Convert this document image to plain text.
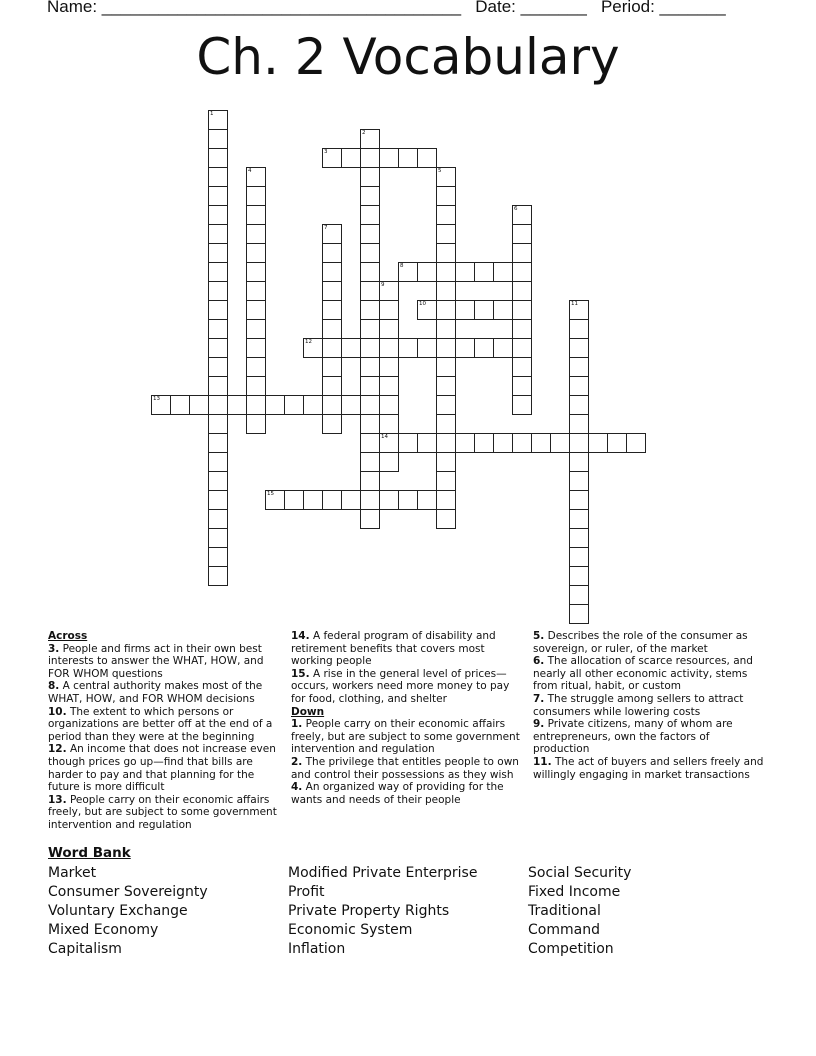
Name: ______________________________________ Date: _______ Period: _______
Ch. 2 Vocabulary
1
2
3
4	5
6
7
8
9
14
10	11
12
13
15
Across
3. People and firms act in their own best interests to answer the WHAT, HOW, and FOR WHOM questions
8. A central authority makes most of the WHAT, HOW, and FOR WHOM decisions
10. The extent to which persons or organizations are better off at the end of a period than they were at the beginning
12. An income that does not increase even though prices go up—find that bills are harder to pay and that planning for the future is more difficult
13. People carry on their economic affairs freely, but are subject to some government intervention and regulation
14. A federal program of disability and retirement benefits that covers most working people
15. A rise in the general level of prices—occurs, workers need more money to pay for food, clothing, and shelter
Down
1. People carry on their economic affairs freely, but are subject to some government intervention and regulation
2. The privilege that entitles people to own and control their possessions as they wish
4. An organized way of providing for the wants and needs of their people
5. Describes the role of the consumer as sovereign, or ruler, of the market
6. The allocation of scarce resources, and nearly all other economic activity, stems from ritual, habit, or custom
7. The struggle among sellers to attract consumers while lowering costs
9. Private citizens, many of whom are entrepreneurs, own the factors of production
11. The act of buyers and sellers freely and willingly engaging in market transactions
Word Bank
Market
Consumer Sovereignty
Voluntary Exchange
Mixed Economy
Capitalism
Modified Private Enterprise
Profit
Private Property Rights
Economic System
Inflation
Social Security
Fixed Income
Traditional
Command
Competition
